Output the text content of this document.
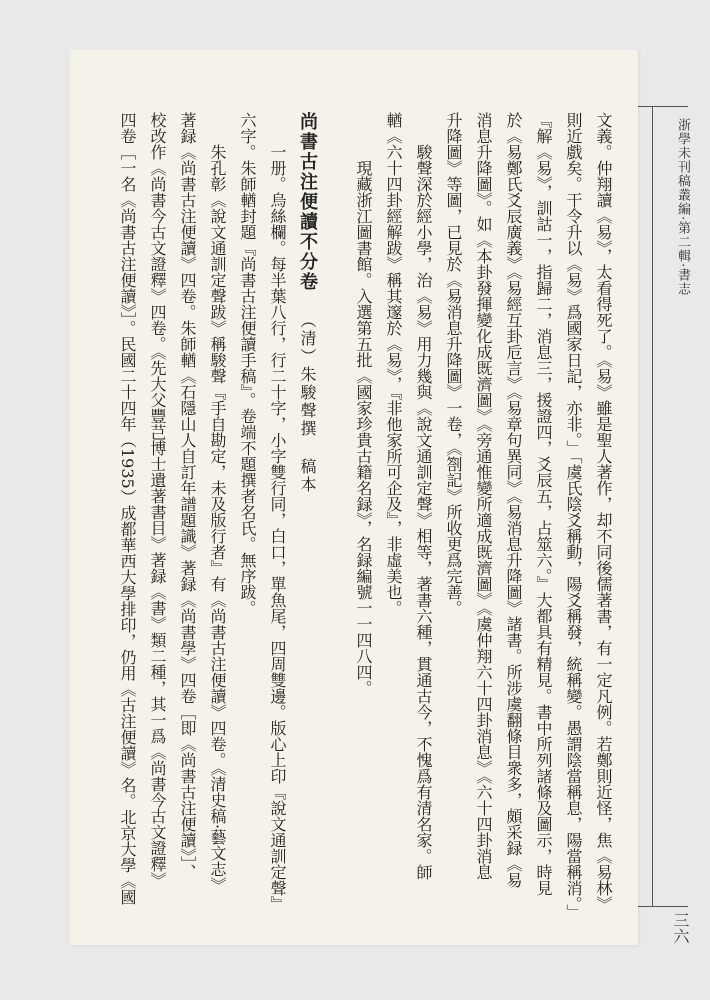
浙學未刊稿叢編·第二輯·書志
三六
文義。仲翔讀《易》，太看得死了。《易》雖是聖人著作，却不同後儒著書，有一定凡例。若鄭則近怪，焦《易林》
則近戲矣。干令升以《易》爲國家日記，亦非。」「虞氏陰爻稱動，陽爻稱發，統稱變。愚謂陰當稱息，陽當稱消。」
『解《易》，訓詁一，指歸二，消息三，援證四，爻辰五，占筮六。』大都具有精見。書中所列諸條及圖示，時見
於《易鄭氏爻辰廣義》《易經互卦卮言》《易章句異同》《易消息升降圖》諸書。所涉虞翻條目衆多，頗采録《易
消息升降圖》。如《本卦發揮變化成既濟圖》《旁通惟變所適成既濟圖》《虞仲翔六十四卦消息》《六十四卦消息
升降圖》等圖，已見於《易消息升降圖》一卷，《劄記》所收更爲完善。
駿聲深於經小學，治《易》用力幾與《說文通訓定聲》相等，著書六種，貫通古今，不愧爲有清名家。師
輶《六十四卦經解跋》稱其邃於《易》，『非他家所可企及』，非虛美也。
現藏浙江圖書館。入選第五批《國家珍貴古籍名録》，名録編號一一四八四。
尚書古注便讀不分卷（清）朱駿聲撰稿本
一册。烏絲欄。每半葉八行，行二十字，小字雙行同，白口，單魚尾，四周雙邊。版心上印『說文通訓定聲』
六字。朱師輶封題『尚書古注便讀手稿』。卷端不題撰者名氏。無序跋。
朱孔彰《說文通訓定聲跋》稱駿聲『手自勘定，未及版行者』有《尚書古注便讀》四卷。《清史稿·藝文志》
著録《尚書古注便讀》四卷。朱師輶《石隱山人自訂年譜題識》著録《尚書學》四卷［即《尚書古注便讀》］、
校改作《尚書今古文證釋》四卷。《先大父豐芑博士遺著書目》著録《書》類二種，其一爲《尚書今古文證釋》
四卷［一名《尚書古注便讀》］。民國二十四年（1935）成都華西大學排印，仍用《古注便讀》名。北京大學《國
